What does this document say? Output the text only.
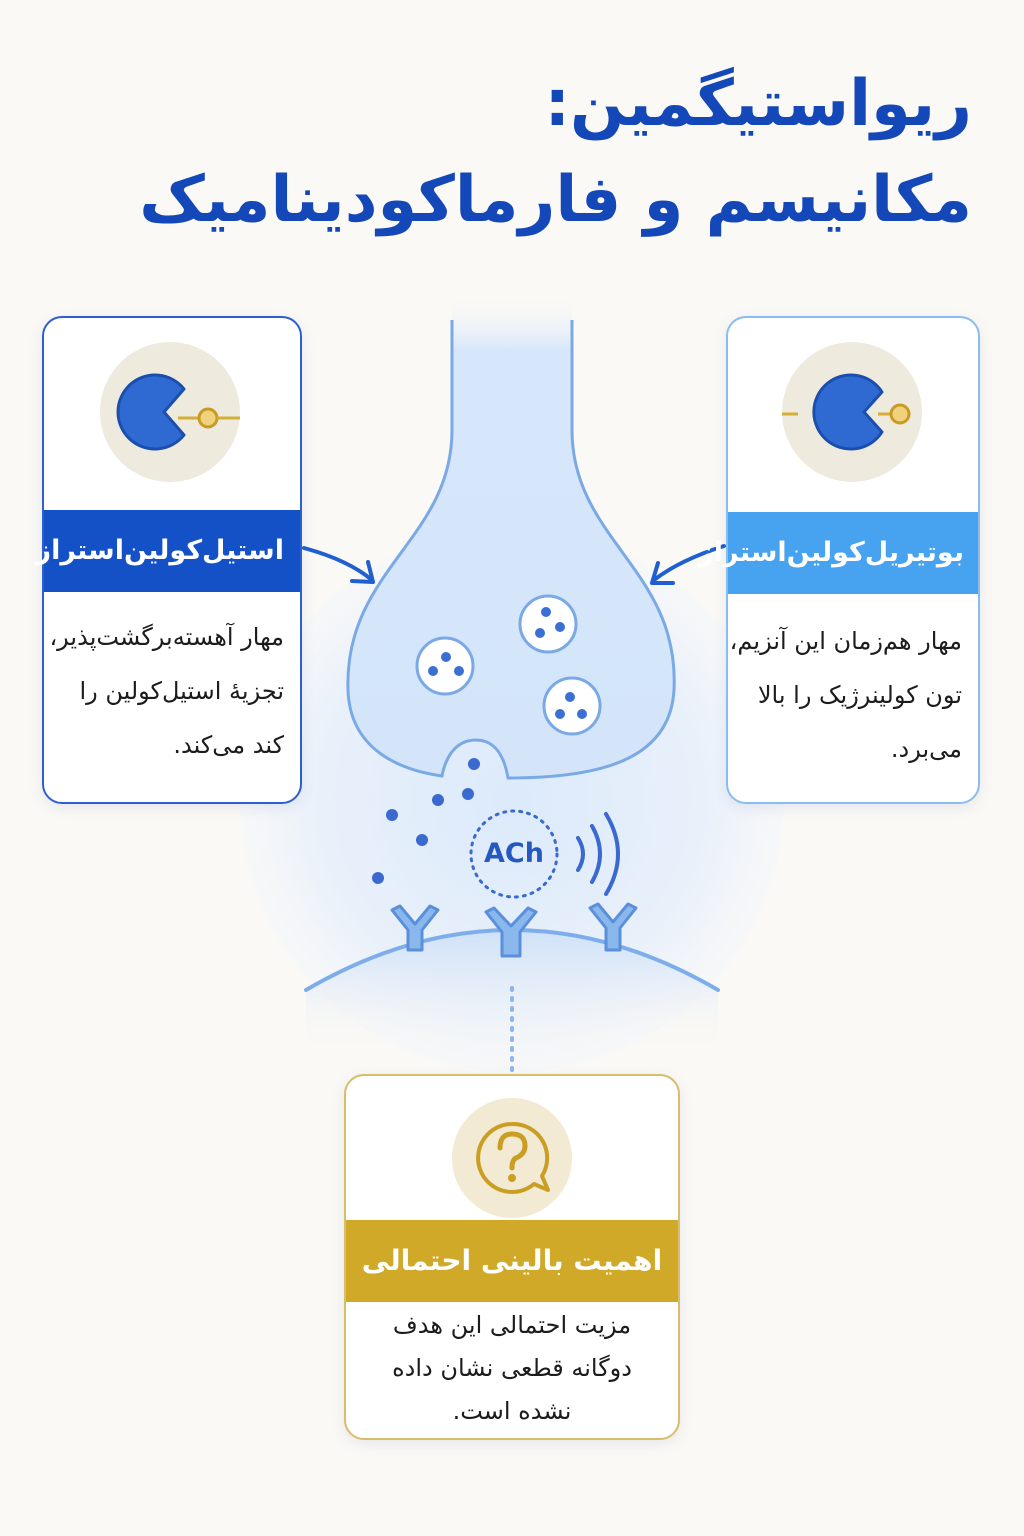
ریواستیگمین:
مکانیسم و فارماکودینامیک
ACh
استیل‌کولین‌استراز
مهار آهسته‌برگشت‌پذیر،
تجزیهٔ استیل‌کولین را
کند می‌کند.
بوتیریل‌کولین‌استراز
مهار هم‌زمان این آنزیم،
تون کولینرژیک را بالا
می‌برد.
اهمیت بالینی احتمالی
مزیت احتمالی این هدف
دوگانه قطعی نشان داده
نشده است.
